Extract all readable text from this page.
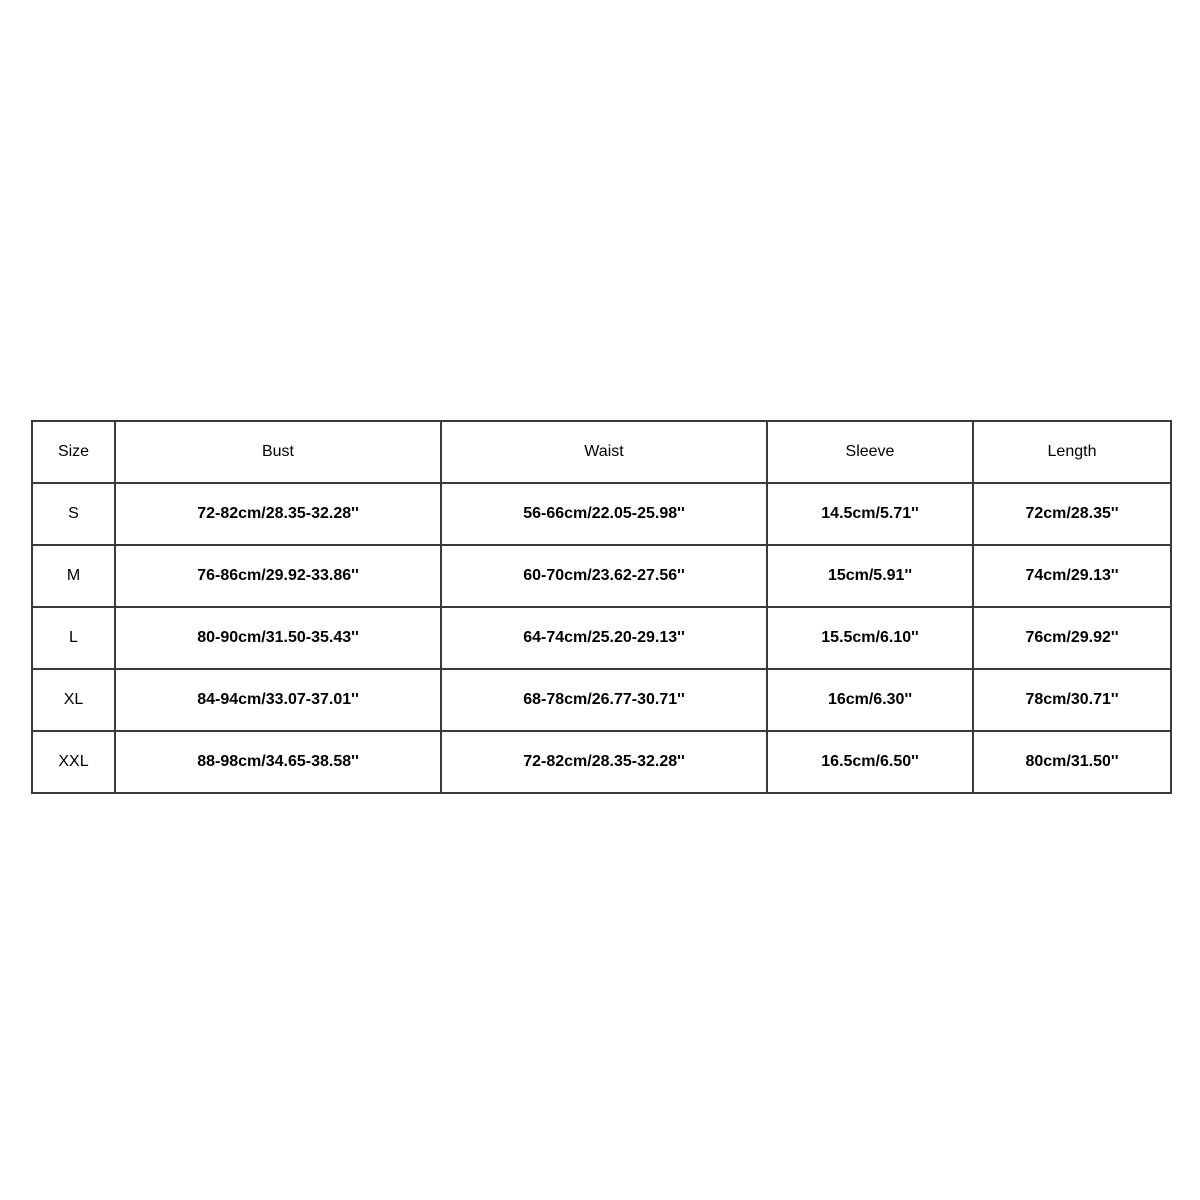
Size	Bust	Waist	Sleeve	Length
S	72-82cm/28.35-32.28''	56-66cm/22.05-25.98''	14.5cm/5.71''	72cm/28.35''
M	76-86cm/29.92-33.86''	60-70cm/23.62-27.56''	15cm/5.91''	74cm/29.13''
L	80-90cm/31.50-35.43''	64-74cm/25.20-29.13''	15.5cm/6.10''	76cm/29.92''
XL	84-94cm/33.07-37.01''	68-78cm/26.77-30.71''	16cm/6.30''	78cm/30.71''
XXL	88-98cm/34.65-38.58''	72-82cm/28.35-32.28''	16.5cm/6.50''	80cm/31.50''
